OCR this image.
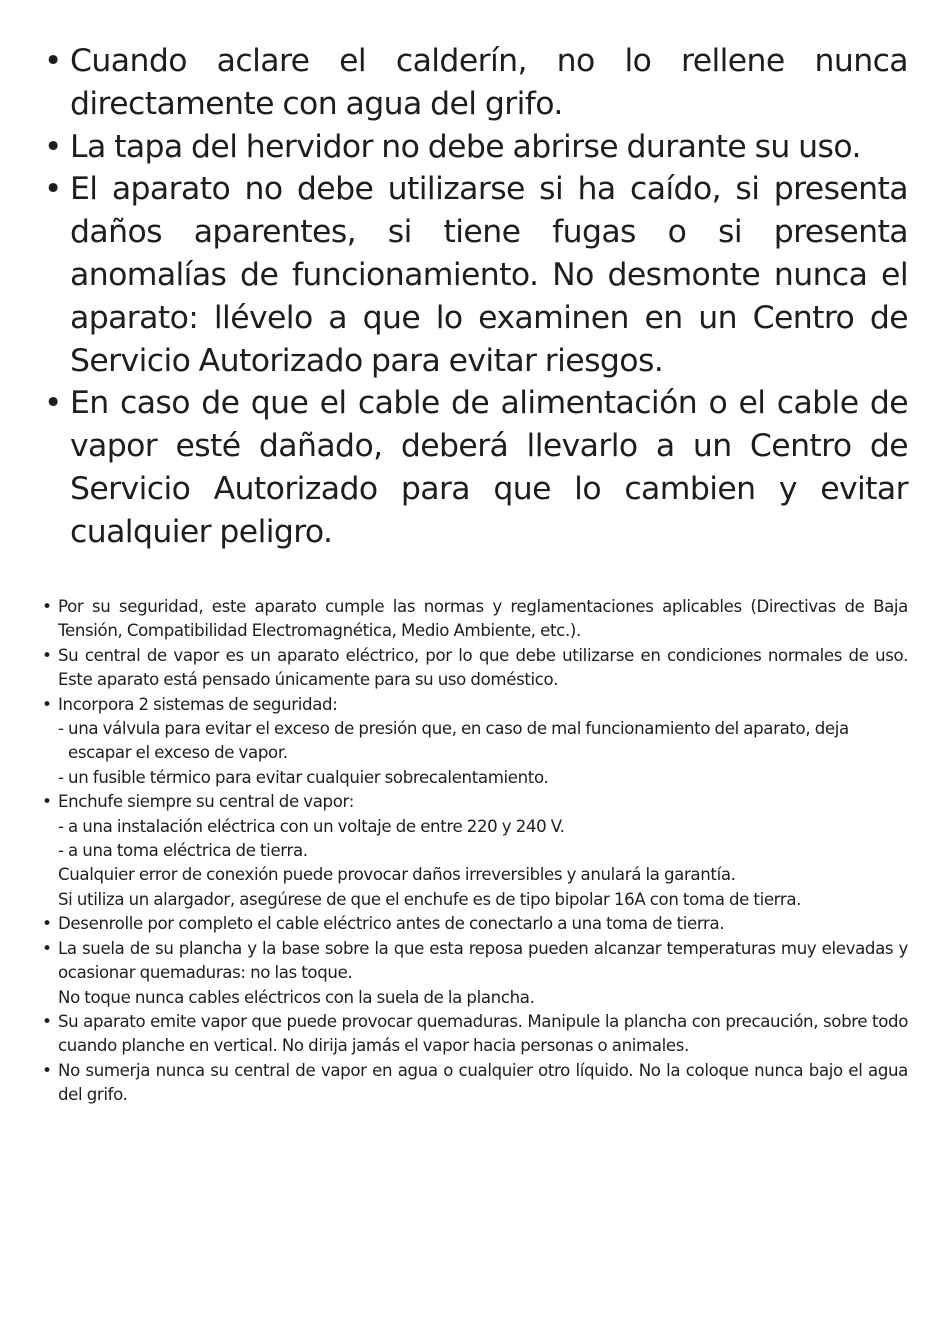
• Cuando aclare el calderín, no lo rellene nunca directamente con agua del grifo.
• La tapa del hervidor no debe abrirse durante su uso.
• El aparato no debe utilizarse si ha caído, si presenta daños aparentes, si tiene fugas o si presenta anomalías de funcionamiento. No desmonte nunca el aparato: llévelo a que lo examinen en un Centro de Servicio Autorizado para evitar riesgos.
• En caso de que el cable de alimentación o el cable de vapor esté dañado, deberá llevarlo a un Centro de Servicio Autorizado para que lo cambien y evitar cualquier peligro.
• Por su seguridad, este aparato cumple las normas y reglamentaciones aplicables (Directivas de Baja Tensión, Compatibilidad Electromagnética, Medio Ambiente, etc.).
• Su central de vapor es un aparato eléctrico, por lo que debe utilizarse en condiciones normales de uso. Este aparato está pensado únicamente para su uso doméstico.
• Incorpora 2 sistemas de seguridad:
- una válvula para evitar el exceso de presión que, en caso de mal funcionamiento del aparato, deja
escapar el exceso de vapor.
- un fusible térmico para evitar cualquier sobrecalentamiento.
• Enchufe siempre su central de vapor:
- a una instalación eléctrica con un voltaje de entre 220 y 240 V.
- a una toma eléctrica de tierra.
Cualquier error de conexión puede provocar daños irreversibles y anulará la garantía.
Si utiliza un alargador, asegúrese de que el enchufe es de tipo bipolar 16A con toma de tierra.
• Desenrolle por completo el cable eléctrico antes de conectarlo a una toma de tierra.
• La suela de su plancha y la base sobre la que esta reposa pueden alcanzar temperaturas muy elevadas y ocasionar quemaduras: no las toque.
No toque nunca cables eléctricos con la suela de la plancha.
• Su aparato emite vapor que puede provocar quemaduras. Manipule la plancha con precaución, sobre todo cuando planche en vertical. No dirija jamás el vapor hacia personas o animales.
• No sumerja nunca su central de vapor en agua o cualquier otro líquido. No la coloque nunca bajo el agua del grifo.
